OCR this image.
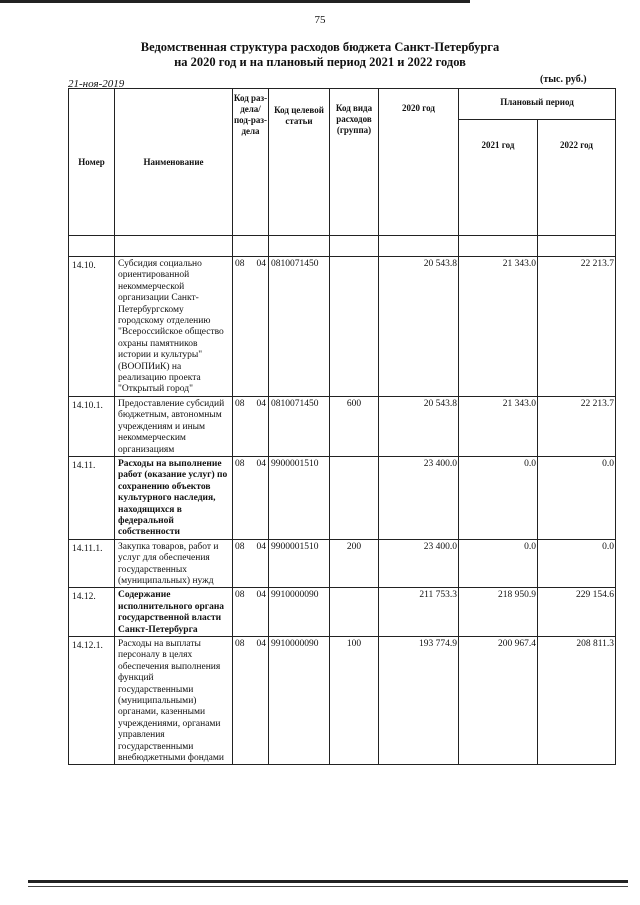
75
Ведомственная структура расходов бюджета Санкт-Петербурга
на 2020 год и на плановый период 2021 и 2022 годов
21-ноя-2019	(тыс. руб.)
Номер	Наименование	Код раз-дела/ под-раз-дела	Код целевой статьи	Код вида расходов (группа)	2020 год	Плановый период	
						2021 год	2022 год

14.10.	Субсидия социально ориентированной некоммерческой организации Санкт-Петербургскому городскому отделению "Всероссийское общество охраны памятников истории и культуры" (ВООПИиК) на реализацию проекта "Открытый город"	08 04	0810071450		20 543.8	21 343.0	22 213.7
14.10.1.	Предоставление субсидий бюджетным, автономным учреждениям и иным некоммерческим организациям	08 04	0810071450	600	20 543.8	21 343.0	22 213.7
14.11.	Расходы на выполнение работ (оказание услуг) по сохранению объектов культурного наследия, находящихся в федеральной собственности	08 04	9900001510		23 400.0	0.0	0.0
14.11.1.	Закупка товаров, работ и услуг для обеспечения государственных (муниципальных) нужд	08 04	9900001510	200	23 400.0	0.0	0.0
14.12.	Содержание исполнительного органа государственной власти Санкт-Петербурга	08 04	9910000090		211 753.3	218 950.9	229 154.6
14.12.1.	Расходы на выплаты персоналу в целях обеспечения выполнения функций государственными (муниципальными) органами, казенными учреждениями, органами управления государственными внебюджетными фондами	08 04	9910000090	100	193 774.9	200 967.4	208 811.3
